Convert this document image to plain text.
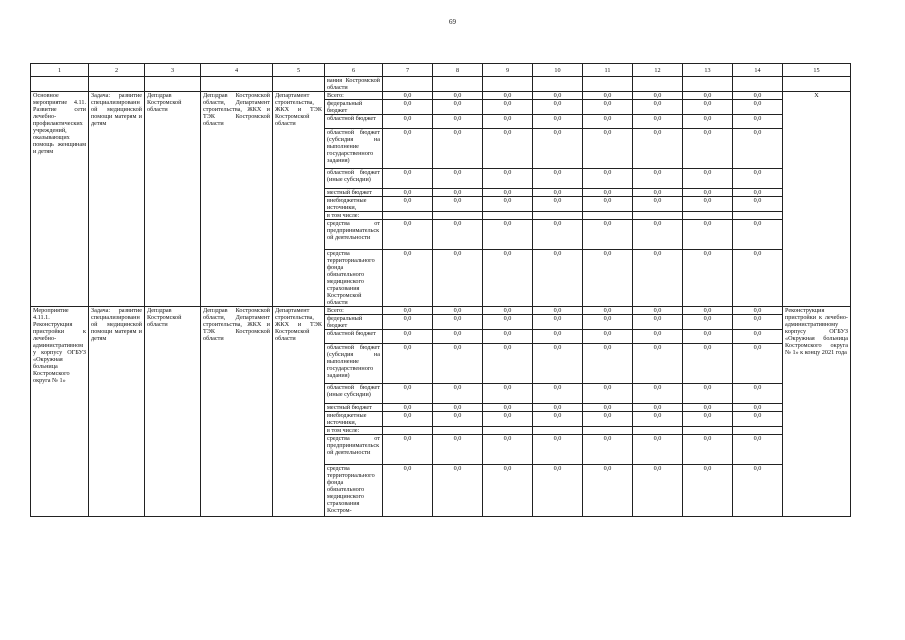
69
1	2	3	4	5	6	7	8	9	10	11	12	13	14	15
					вания Костромской области									
Основное мероприятие 4.11. Развитие сети лечебно-профилактических учреждений, оказывающих помощь женщинам и детям	Задача: развитие специализированной медицинской помощи матерям и детям	Депздрав Костромской области	Депздрав Костромской области, Департамент строительства, ЖКХ и ТЭК Костромской области	Департамент строительства, ЖКХ и ТЭК Костромской области	Всего:	0,0	0,0	0,0	0,0	0,0	0,0	0,0	0,0	Х
					федеральный бюджет	0,0	0,0	0,0	0,0	0,0	0,0	0,0	0,0	
					областной бюджет	0,0	0,0	0,0	0,0	0,0	0,0	0,0	0,0	
					областной бюджет (субсидия на выполнение государственного задания)	0,0	0,0	0,0	0,0	0,0	0,0	0,0	0,0	
					областной бюджет (иные субсидии)	0,0	0,0	0,0	0,0	0,0	0,0	0,0	0,0	
					местный бюджет	0,0	0,0	0,0	0,0	0,0	0,0	0,0	0,0	
					внебюджетные источники,	0,0	0,0	0,0	0,0	0,0	0,0	0,0	0,0	
					в том числе:									
					средства от предпринимательской деятельности	0,0	0,0	0,0	0,0	0,0	0,0	0,0	0,0	
					средства территориального фонда обязательного медицинского страхования Костромской области	0,0	0,0	0,0	0,0	0,0	0,0	0,0	0,0	
Мероприятие 4.11.1. Реконструкция пристройки к лечебно-административному корпусу ОГБУЗ «Окружная больница Костромского округа № 1»	Задача: развитие специализированной медицинской помощи матерям и детям	Депздрав Костромской области	Депздрав Костромской области, Департамент строительства, ЖКХ и ТЭК Костромской области	Департамент строительства, ЖКХ и ТЭК Костромской области	Всего:	0,0	0,0	0,0	0,0	0,0	0,0	0,0	0,0	Реконструкция пристройки к лечебно-административному корпусу ОГБУЗ «Окружная больница Костромского округа № 1» к концу 2021 года
					федеральный бюджет	0,0	0,0	0,0	0,0	0,0	0,0	0,0	0,0	
					областной бюджет	0,0	0,0	0,0	0,0	0,0	0,0	0,0	0,0	
					областной бюджет (субсидия на выполнение государственного задания)	0,0	0,0	0,0	0,0	0,0	0,0	0,0	0,0	
					областной бюджет (иные субсидии)	0,0	0,0	0,0	0,0	0,0	0,0	0,0	0,0	
					местный бюджет	0,0	0,0	0,0	0,0	0,0	0,0	0,0	0,0	
					внебюджетные источники,	0,0	0,0	0,0	0,0	0,0	0,0	0,0	0,0	
					в том числе:									
					средства от предпринимательской деятельности	0,0	0,0	0,0	0,0	0,0	0,0	0,0	0,0	
					средства территориального фонда обязательного медицинского страхования Костром-	0,0	0,0	0,0	0,0	0,0	0,0	0,0	0,0	
